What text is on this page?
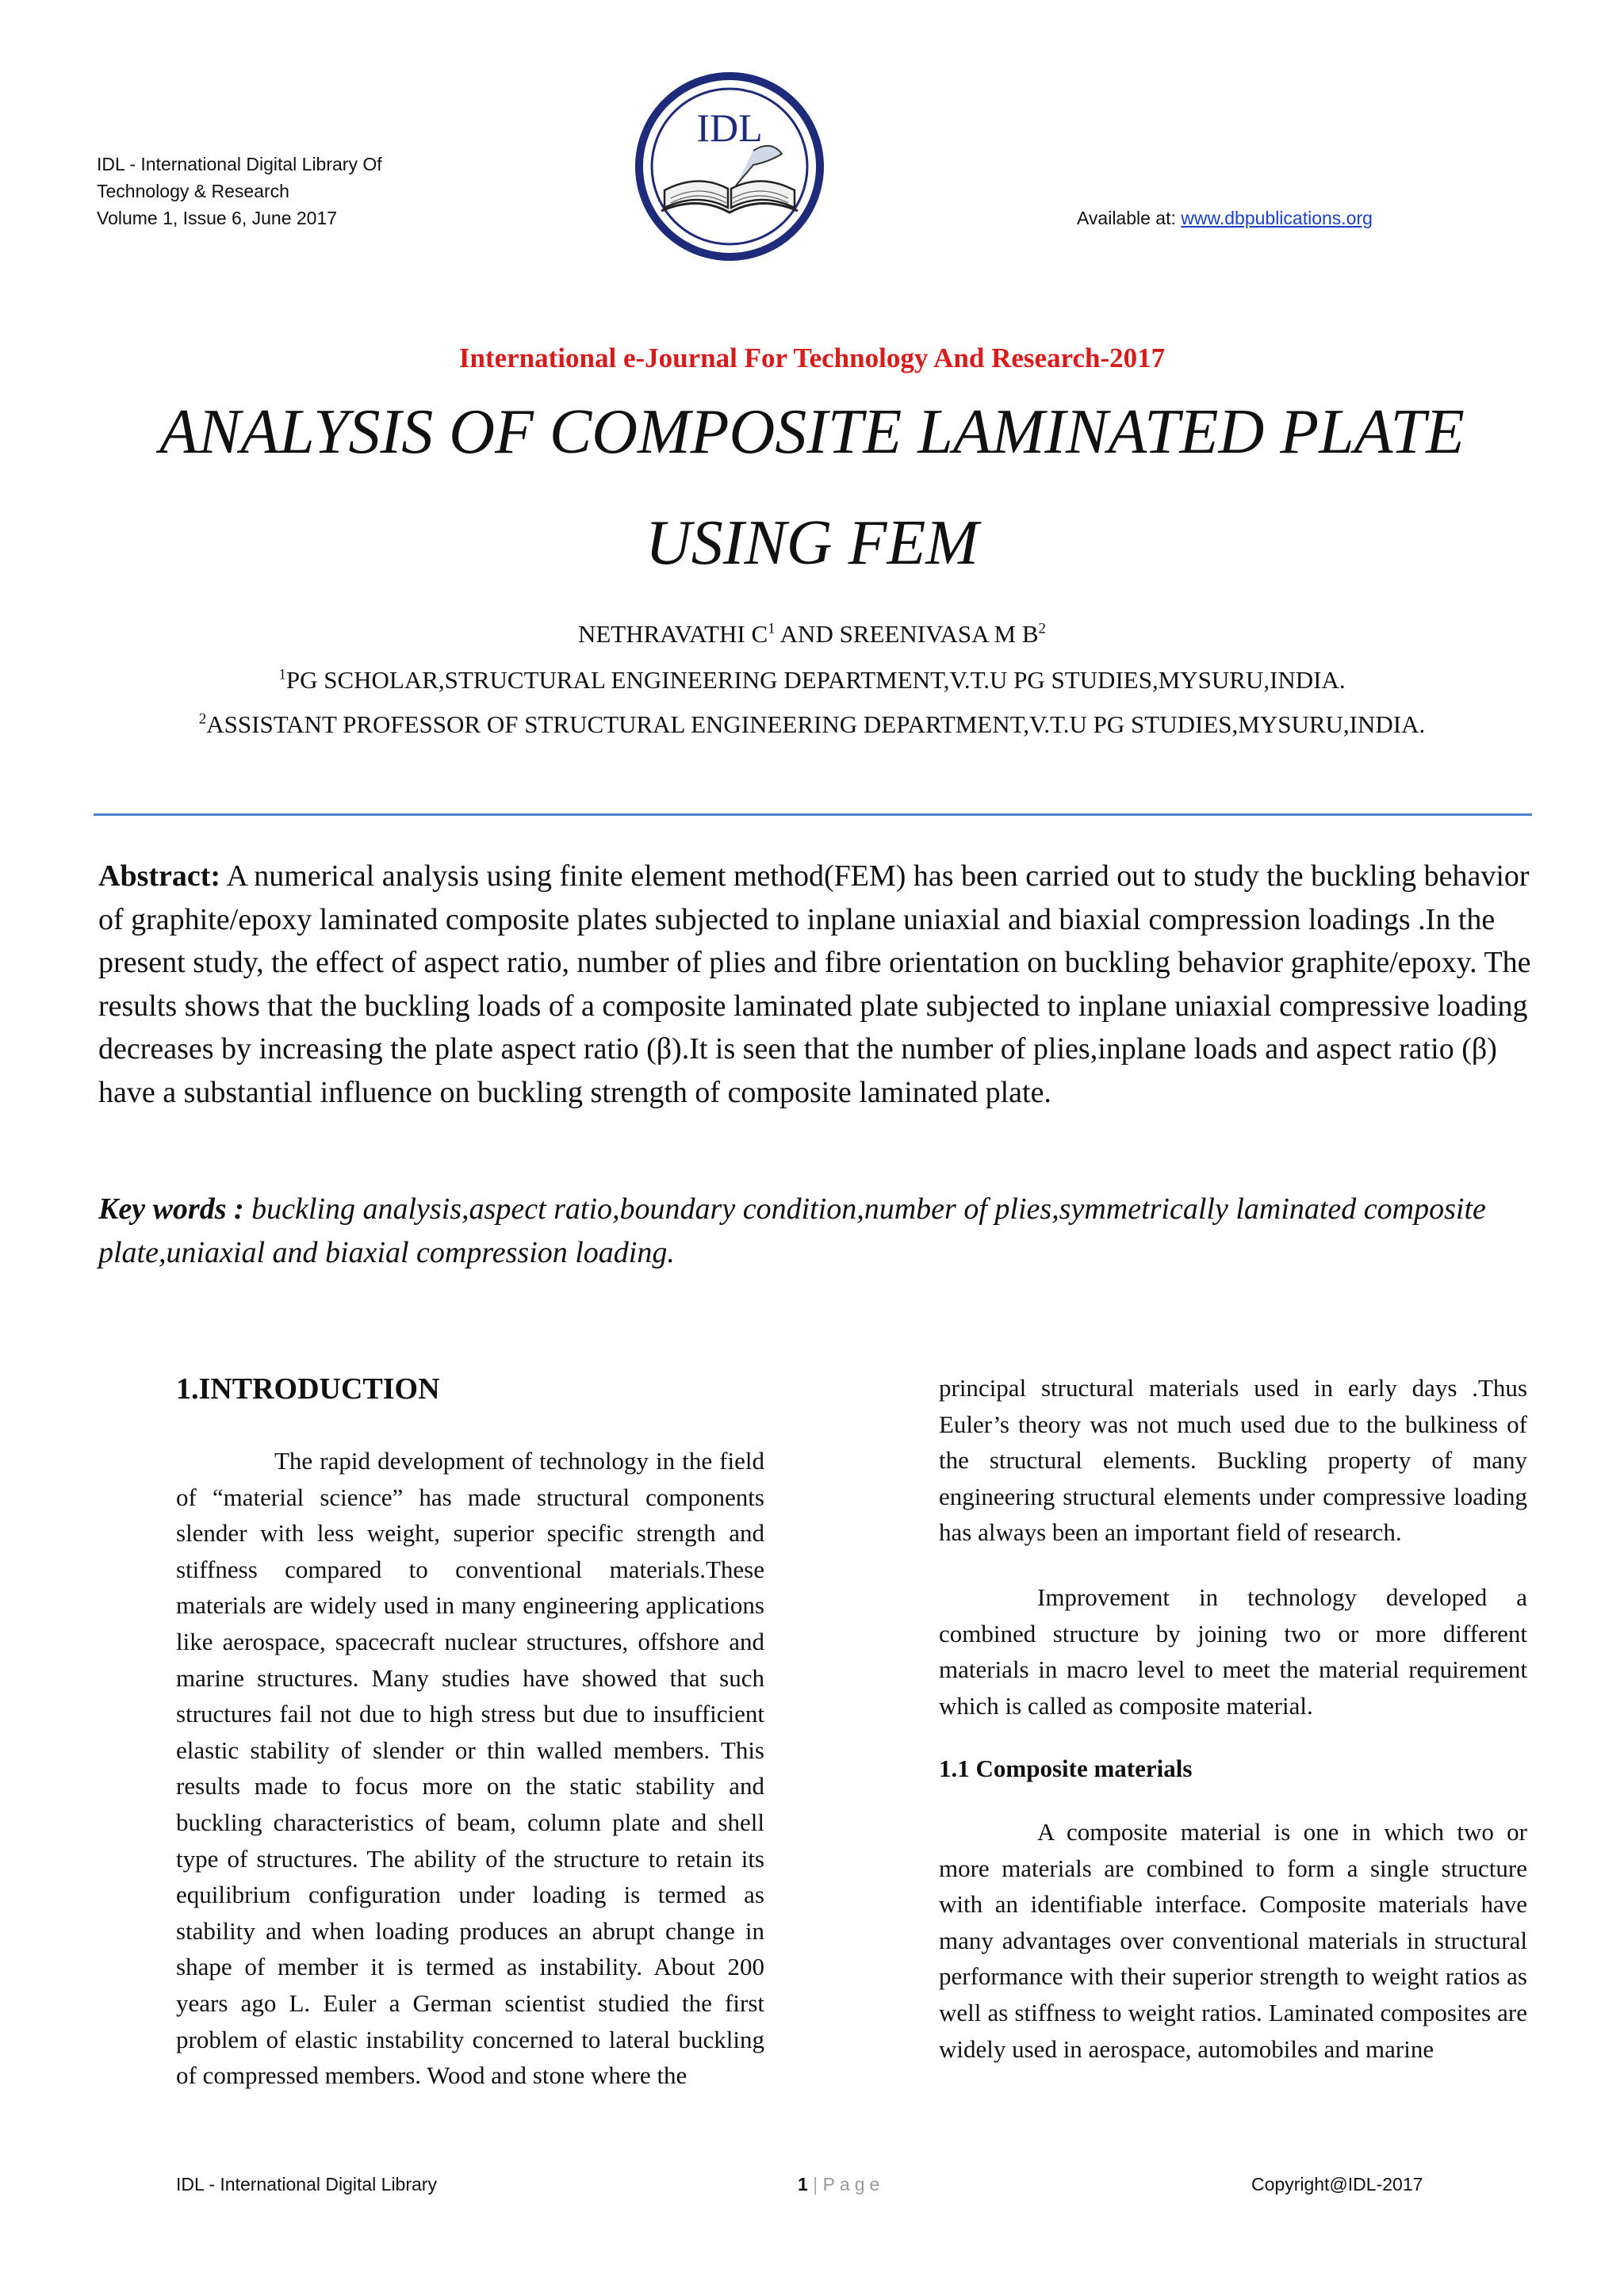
IDL - International Digital Library Of
Technology & Research
Volume 1, Issue 6, June 2017
IDL
Available at: www.dbpublications.org
International e-Journal For Technology And Research-2017
ANALYSIS OF COMPOSITE LAMINATED PLATE
USING FEM
NETHRAVATHI $C^1$ AND SREENIVASA M $B^2$
$^1$PG SCHOLAR,STRUCTURAL ENGINEERING DEPARTMENT,V.T.U PG STUDIES,MYSURU,INDIA.
$^2$ASSISTANT PROFESSOR OF STRUCTURAL ENGINEERING DEPARTMENT,V.T.U PG STUDIES,MYSURU,INDIA.
Abstract: A numerical analysis using finite element method(FEM) has been carried out to study the buckling behavior of graphite/epoxy laminated composite plates subjected to inplane uniaxial and biaxial compression loadings .In the present study, the effect of aspect ratio, number of plies and fibre orientation on buckling behavior graphite/epoxy. The results shows that the buckling loads of a composite laminated plate subjected to inplane uniaxial compressive loading decreases by increasing the plate aspect ratio (β).It is seen that the number of plies,inplane loads and aspect ratio (β) have a substantial influence on buckling strength of composite laminated plate.
Key words : buckling analysis,aspect ratio,boundary condition,number of plies,symmetrically laminated composite plate,uniaxial and biaxial compression loading.
1.INTRODUCTION

The rapid development of technology in the field of “material science” has made structural components slender with less weight, superior specific strength and stiffness compared to conventional materials.These materials are widely used in many engineering applications like aerospace, spacecraft nuclear structures, offshore and marine structures. Many studies have showed that such structures fail not due to high stress but due to insufficient elastic stability of slender or thin walled members. This results made to focus more on the static stability and buckling characteristics of beam, column plate and shell type of structures. The ability of the structure to retain its equilibrium configuration under loading is termed as stability and when loading produces an abrupt change in shape of member it is termed as instability. About 200 years ago L. Euler a German scientist studied the first problem of elastic instability concerned to lateral buckling of compressed members. Wood and stone where the

principal structural materials used in early days .Thus Euler’s theory was not much used due to the bulkiness of the structural elements. Buckling property of many engineering structural elements under compressive loading has always been an important field of research.

Improvement in technology developed a combined structure by joining two or more different materials in macro level to meet the material requirement which is called as composite material.

1.1 Composite materials

A composite material is one in which two or more materials are combined to form a single structure with an identifiable interface. Composite materials have many advantages over conventional materials in structural performance with their superior strength to weight ratios as well as stiffness to weight ratios. Laminated composites are widely used in aerospace, automobiles and marine

IDL - International Digital Library	1 | Page	Copyright@IDL-2017
